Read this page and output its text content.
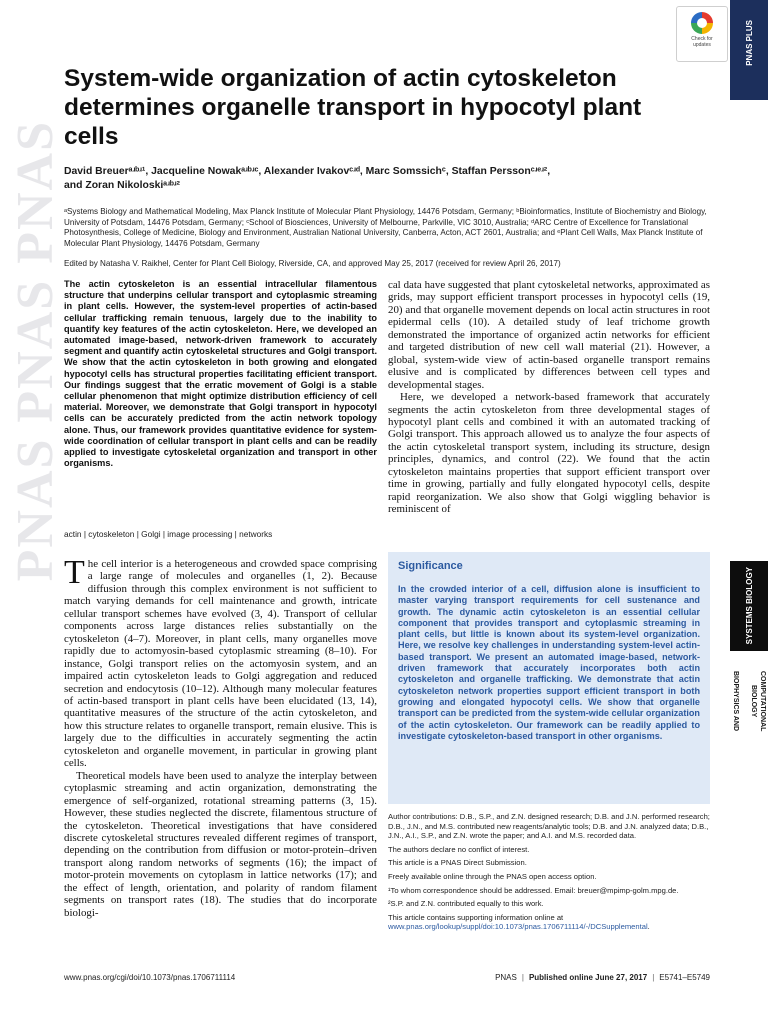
PNAS PNAS PNAS
PNAS PLUS
SYSTEMS BIOLOGY
BIOPHYSICS AND	COMPUTATIONAL BIOLOGY
Check for
updates
System-wide organization of actin cytoskeleton determines organelle transport in hypocotyl plant cells
David Breuerᵃʴᵇʴ¹, Jacqueline Nowakᵃʴᵇʴᶜ, Alexander Ivakovᶜʴᵈ, Marc Somssichᶜ, Staffan Perssonᶜʴᵉʴ²,
and Zoran Nikoloskiᵃʴᵇʴ²
ᵃSystems Biology and Mathematical Modeling, Max Planck Institute of Molecular Plant Physiology, 14476 Potsdam, Germany; ᵇBioinformatics, Institute of Biochemistry and Biology, University of Potsdam, 14476 Potsdam, Germany; ᶜSchool of Biosciences, University of Melbourne, Parkville, VIC 3010, Australia; ᵈARC Centre of Excellence for Translational Photosynthesis, College of Medicine, Biology and Environment, Australian National University, Canberra, Acton, ACT 2601, Australia; and ᵉPlant Cell Walls, Max Planck Institute of Molecular Plant Physiology, 14476 Potsdam, Germany
Edited by Natasha V. Raikhel, Center for Plant Cell Biology, Riverside, CA, and approved May 25, 2017 (received for review April 26, 2017)
The actin cytoskeleton is an essential intracellular filamentous structure that underpins cellular transport and cytoplasmic streaming in plant cells. However, the system-level properties of actin-based cellular trafficking remain tenuous, largely due to the inability to quantify key features of the actin cytoskeleton. Here, we developed an automated image-based, network-driven framework to accurately segment and quantify actin cytoskeletal structures and Golgi transport. We show that the actin cytoskeleton in both growing and elongated hypocotyl cells has structural properties facilitating efficient transport. Our findings suggest that the erratic movement of Golgi is a stable cellular phenomenon that might optimize distribution efficiency of cell material. Moreover, we demonstrate that Golgi transport in hypocotyl cells can be accurately predicted from the actin network topology alone. Thus, our framework provides quantitative evidence for system-wide coordination of cellular transport in plant cells and can be readily applied to investigate cytoskeletal organization and transport in other organisms.
actin | cytoskeleton | Golgi | image processing | networks

The cell interior is a heterogeneous and crowded space comprising a large range of molecules and organelles (1, 2). Because diffusion through this complex environment is not sufficient to match varying demands for cell maintenance and growth, intricate cellular transport schemes have evolved (3, 4). Transport of cellular components across large distances relies substantially on the cytoskeleton (4–7). Moreover, in plant cells, many organelles move rapidly due to actomyosin-based cytoplasmic streaming (8–10). For instance, Golgi transport relies on the actomyosin system, and an impaired actin cytoskeleton leads to Golgi aggregation and reduced secretion and endocytosis (10–12). Although many molecular features of actin-based transport in plant cells have been elucidated (13, 14), quantitative measures of the structure of the actin cytoskeleton, and how this structure relates to organelle transport, remain elusive. This is largely due to the difficulties in accurately segmenting the actin cytoskeleton and organelle movement, in particular in growing plant cells.

Theoretical models have been used to analyze the interplay between cytoplasmic streaming and actin organization, demonstrating the emergence of self-organized, rotational streaming patterns (3, 15). However, these studies neglected the discrete, filamentous structure of the cytoskeleton. Theoretical investigations that have considered discrete cytoskeletal structures revealed different regimes of transport, depending on the contribution from diffusion or motor-protein–driven transport along random networks of segments (16); the impact of motor-protein movements on cytoplasm in lattice networks (17); and the effect of length, orientation, and polarity of random filament segments on transport rates (18). The studies that do incorporate biologi-

cal data have suggested that plant cytoskeletal networks, approximated as grids, may support efficient transport processes in hypocotyl cells (19, 20) and that organelle movement depends on local actin structures in root epidermal cells (10). A detailed study of leaf trichome growth demonstrated the importance of organized actin networks for efficient and targeted distribution of new cell wall material (21). However, a global, system-wide view of actin-based organelle transport remains elusive and is complicated by differences between cell types and developmental stages.

Here, we developed a network-based framework that accurately segments the actin cytoskeleton from three developmental stages of hypocotyl plant cells and combined it with an automated tracking of Golgi transport. This approach allowed us to analyze the four aspects of the actin cytoskeletal transport system, including its structure, design principles, dynamics, and control (22). We found that the actin cytoskeleton maintains properties that support efficient transport over time in growing, partially and fully elongated hypocotyl cells, despite rapid reorganization. We also show that Golgi wiggling behavior is reminiscent of

Significance
In the crowded interior of a cell, diffusion alone is insufficient to master varying transport requirements for cell sustenance and growth. The dynamic actin cytoskeleton is an essential cellular component that provides transport and cytoplasmic streaming in plant cells, but little is known about its system-level organization. Here, we resolve key challenges in understanding system-level actin-based transport. We present an automated image-based, network-driven framework that accurately incorporates both actin cytoskeleton and organelle trafficking. We demonstrate that actin cytoskeleton network properties support efficient transport in both growing and elongated hypocotyl cells. We show that organelle transport can be predicted from the system-wide cellular organization of the actin cytoskeleton. Our framework can be readily applied to investigate cytoskeleton-based transport in other organisms.

Author contributions: D.B., S.P., and Z.N. designed research; D.B. and J.N. performed research; D.B., J.N., and M.S. contributed new reagents/analytic tools; D.B. and J.N. analyzed data; D.B., J.N., A.I., S.P., and Z.N. wrote the paper; and A.I. and M.S. recorded data.

The authors declare no conflict of interest.

This article is a PNAS Direct Submission.

Freely available online through the PNAS open access option.

¹To whom correspondence should be addressed. Email: breuer@mpimp-golm.mpg.de.

²S.P. and Z.N. contributed equally to this work.

This article contains supporting information online at www.pnas.org/lookup/suppl/doi:10.1073/pnas.1706711114/-/DCSupplemental.

www.pnas.org/cgi/doi/10.1073/pnas.1706711114	PNAS | Published online June 27, 2017 | E5741–E5749
